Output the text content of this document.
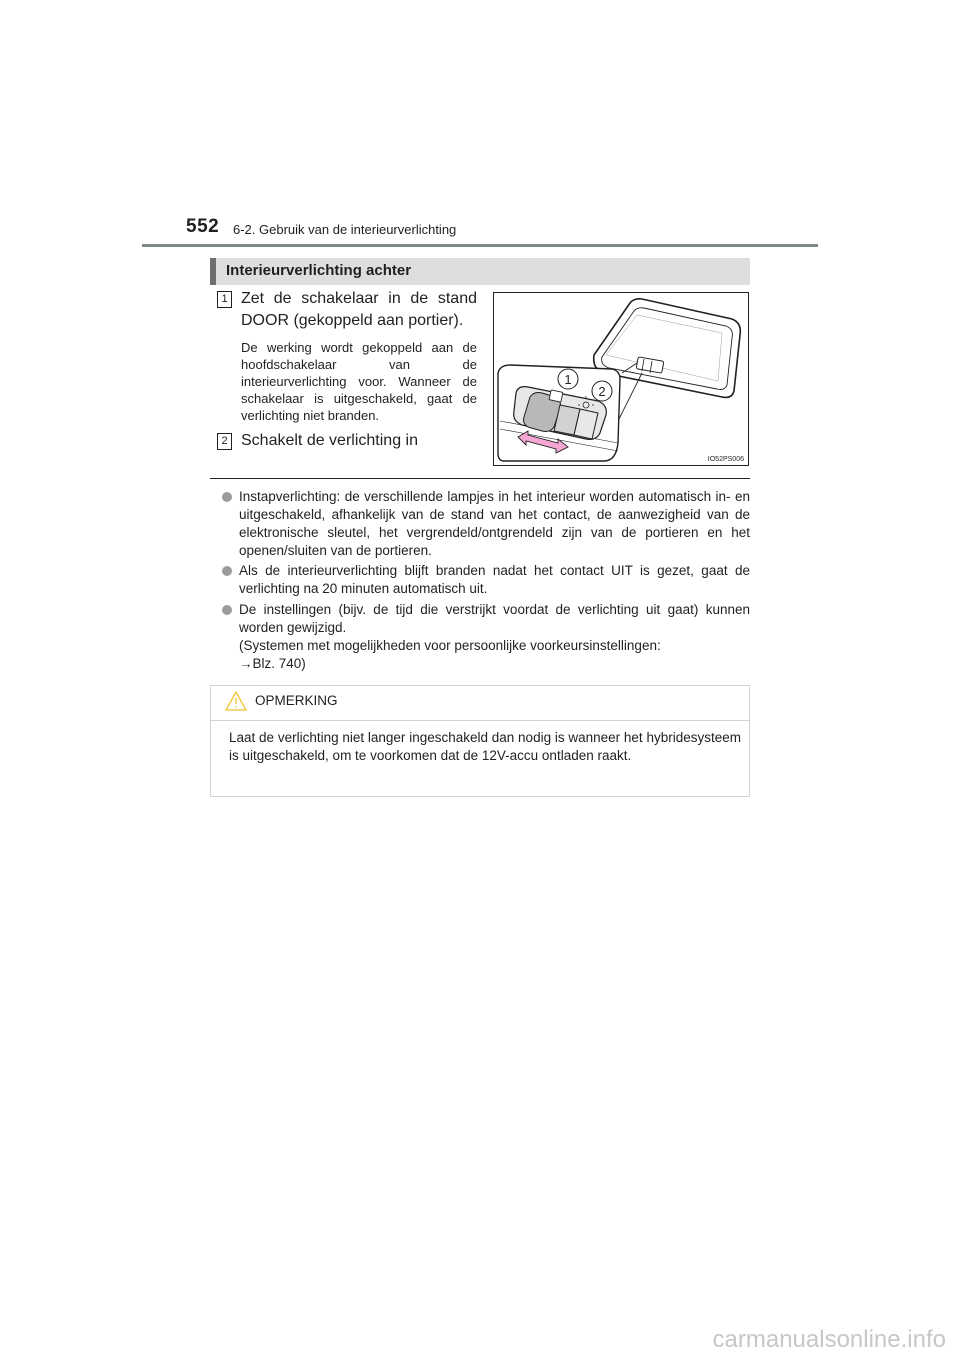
552 6-2. Gebruik van de interieurverlichting
Interieurverlichting achter
1 Zet de schakelaar in de stand DOOR (gekoppeld aan portier).
De werking wordt gekoppeld aan de hoofdschakelaar van de interieurverlichting voor. Wanneer de schakelaar is uitgeschakeld, gaat de verlichting niet branden.
2 Schakelt de verlichting in
1
2
IO52PS006
Instapverlichting: de verschillende lampjes in het interieur worden automatisch in- en uitgeschakeld, afhankelijk van de stand van het contact, de aanwezigheid van de elektronische sleutel, het vergrendeld/ontgrendeld zijn van de portieren en het openen/sluiten van de portieren.
Als de interieurverlichting blijft branden nadat het contact UIT is gezet, gaat de verlichting na 20 minuten automatisch uit.
De instellingen (bijv. de tijd die verstrijkt voordat de verlichting uit gaat) kunnen worden gewijzigd.
(Systemen met mogelijkheden voor persoonlijke voorkeursinstellingen:
→Blz. 740)
OPMERKING
Laat de verlichting niet langer ingeschakeld dan nodig is wanneer het hybridesysteem is uitgeschakeld, om te voorkomen dat de 12V-accu ontladen raakt.
carmanualsonline.info
